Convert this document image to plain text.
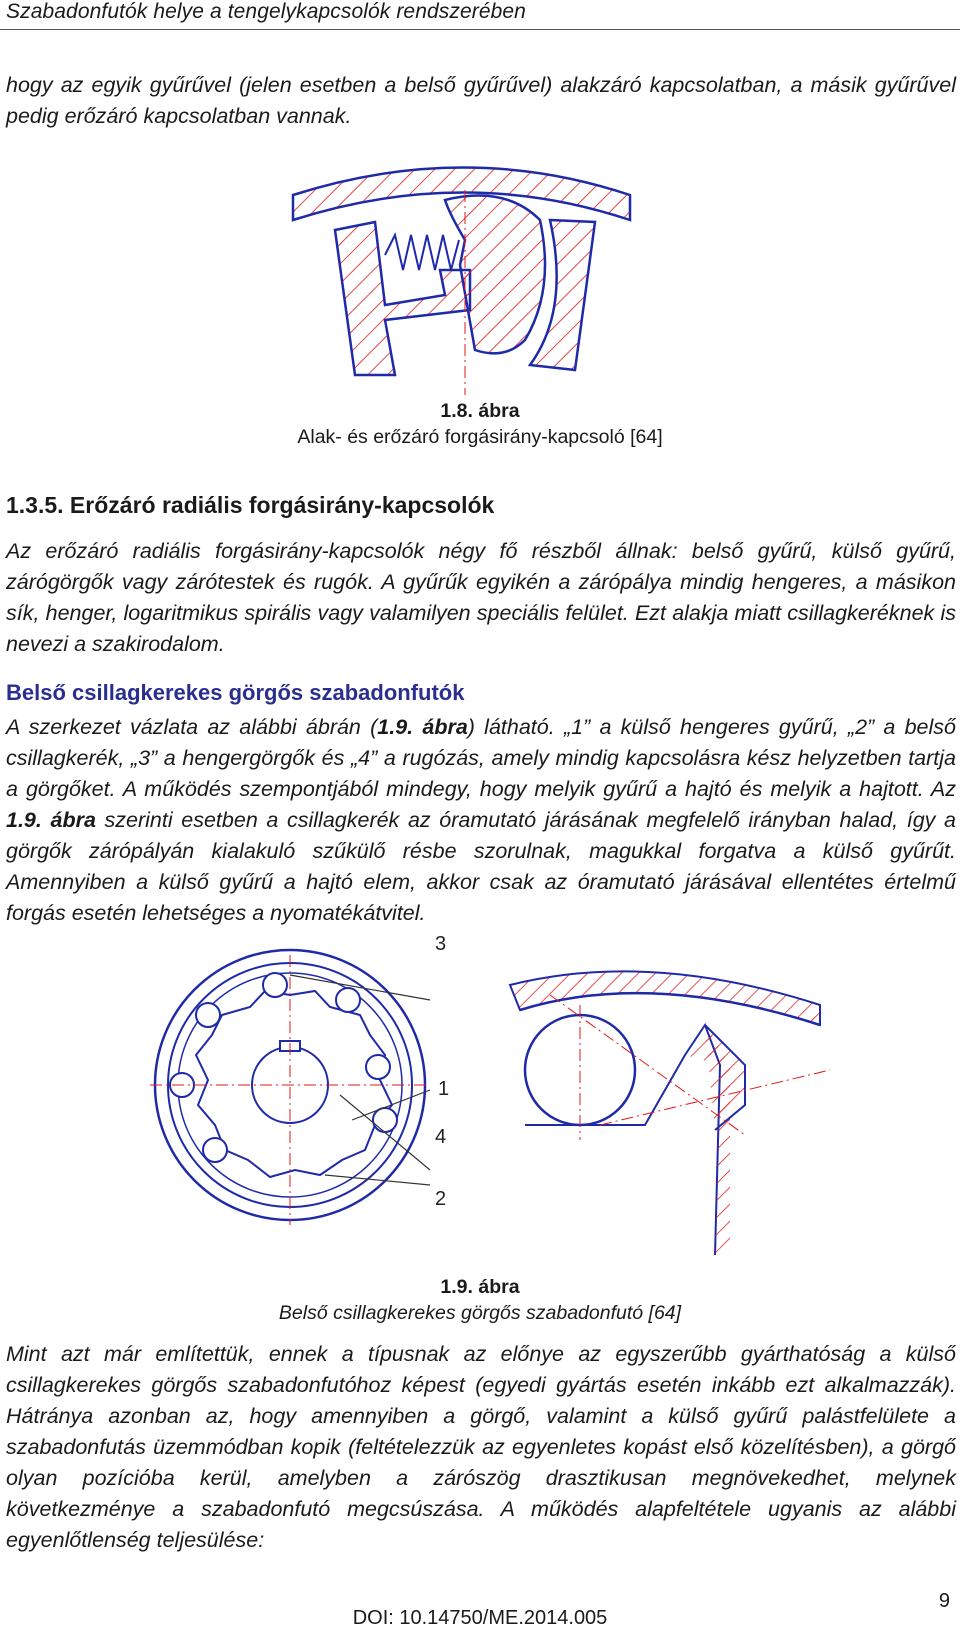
Szabadonfutók helye a tengelykapcsolók rendszerében

hogy az egyik gyűrűvel (jelen esetben a belső gyűrűvel) alakzáró kapcsolatban, a másik gyűrűvel pedig erőzáró kapcsolatban vannak.

1.8. ábra
Alak- és erőzáró forgásirány-kapcsoló [64]
1.3.5. Erőzáró radiális forgásirány-kapcsolók

Az erőzáró radiális forgásirány-kapcsolók négy fő részből állnak: belső gyűrű, külső gyűrű, zárógörgők vagy zárótestek és rugók. A gyűrűk egyikén a zárópálya mindig hengeres, a másikon sík, henger, logaritmikus spirális vagy valamilyen speciális felület. Ezt alakja miatt csillagkeréknek is nevezi a szakirodalom.

Belső csillagkerekes görgős szabadonfutók

A szerkezet vázlata az alábbi ábrán (1.9. ábra) látható. „1” a külső hengeres gyűrű, „2” a belső csillagkerék, „3” a hengergörgők és „4” a rugózás, amely mindig kapcsolásra kész helyzetben tartja a görgőket. A működés szempontjából mindegy, hogy melyik gyűrű a hajtó és melyik a hajtott. Az 1.9. ábra szerinti esetben a csillagkerék az óramutató járásának megfelelő irányban halad, így a görgők zárópályán kialakuló szűkülő résbe szorulnak, magukkal forgatva a külső gyűrűt. Amennyiben a külső gyűrű a hajtó elem, akkor csak az óramutató járásával ellentétes értelmű forgás esetén lehetséges a nyomatékátvitel.

3
1
4
2
1.9. ábra
Belső csillagkerekes görgős szabadonfutó [64]

Mint azt már említettük, ennek a típusnak az előnye az egyszerűbb gyárthatóság a külső csillagkerekes görgős szabadonfutóhoz képest (egyedi gyártás esetén inkább ezt alkalmazzák). Hátránya azonban az, hogy amennyiben a görgő, valamint a külső gyűrű palástfelülete a szabadonfutás üzemmódban kopik (feltételezzük az egyenletes kopást első közelítésben), a görgő olyan pozícióba kerül, amelyben a zárószög drasztikusan megnövekedhet, melynek következménye a szabadonfutó megcsúszása. A működés alapfeltétele ugyanis az alábbi egyenlőtlenség teljesülése:

9
DOI: 10.14750/ME.2014.005
